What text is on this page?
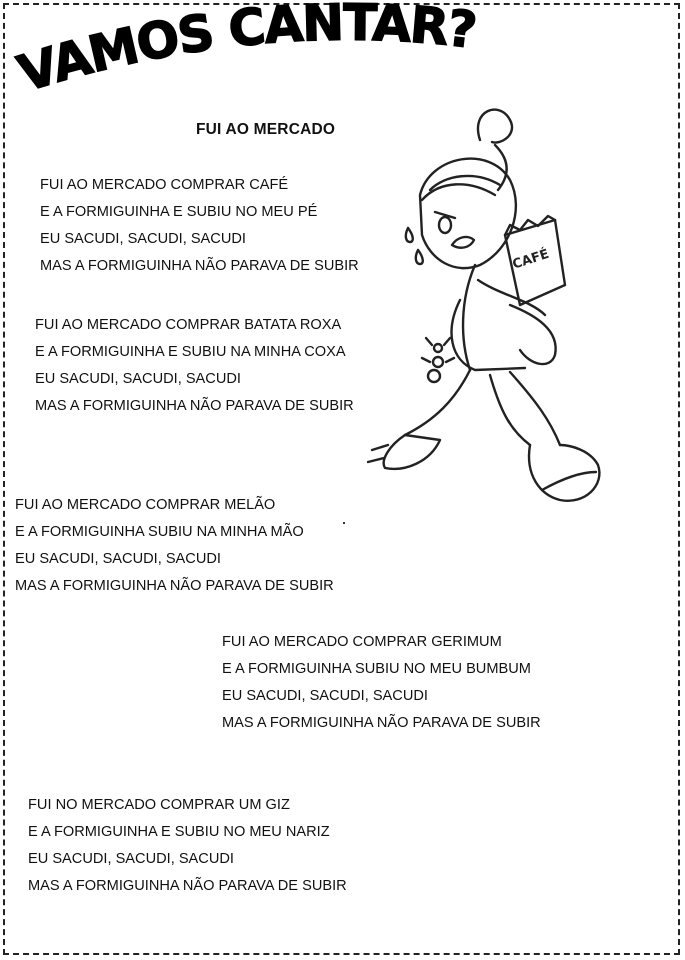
VAMOS CANTAR?
FUI AO MERCADO
FUI AO MERCADO COMPRAR CAFÉ
E A FORMIGUINHA E SUBIU NO MEU PÉ
EU SACUDI, SACUDI, SACUDI
MAS A FORMIGUINHA NÃO PARAVA DE SUBIR
FUI AO MERCADO COMPRAR BATATA ROXA
E A FORMIGUINHA E SUBIU NA MINHA COXA
EU SACUDI, SACUDI, SACUDI
MAS A FORMIGUINHA NÃO PARAVA DE SUBIR
FUI AO MERCADO COMPRAR MELÃO
E A FORMIGUINHA SUBIU NA MINHA MÃO
EU SACUDI, SACUDI, SACUDI
MAS A FORMIGUINHA NÃO PARAVA DE SUBIR
FUI AO MERCADO COMPRAR GERIMUM
E A FORMIGUINHA SUBIU NO MEU BUMBUM
EU SACUDI, SACUDI, SACUDI
MAS A FORMIGUINHA NÃO PARAVA DE SUBIR
FUI NO MERCADO COMPRAR UM GIZ
E A FORMIGUINHA E SUBIU NO MEU NARIZ
EU SACUDI, SACUDI, SACUDI
MAS A FORMIGUINHA NÃO PARAVA DE SUBIR
CAFÉ
